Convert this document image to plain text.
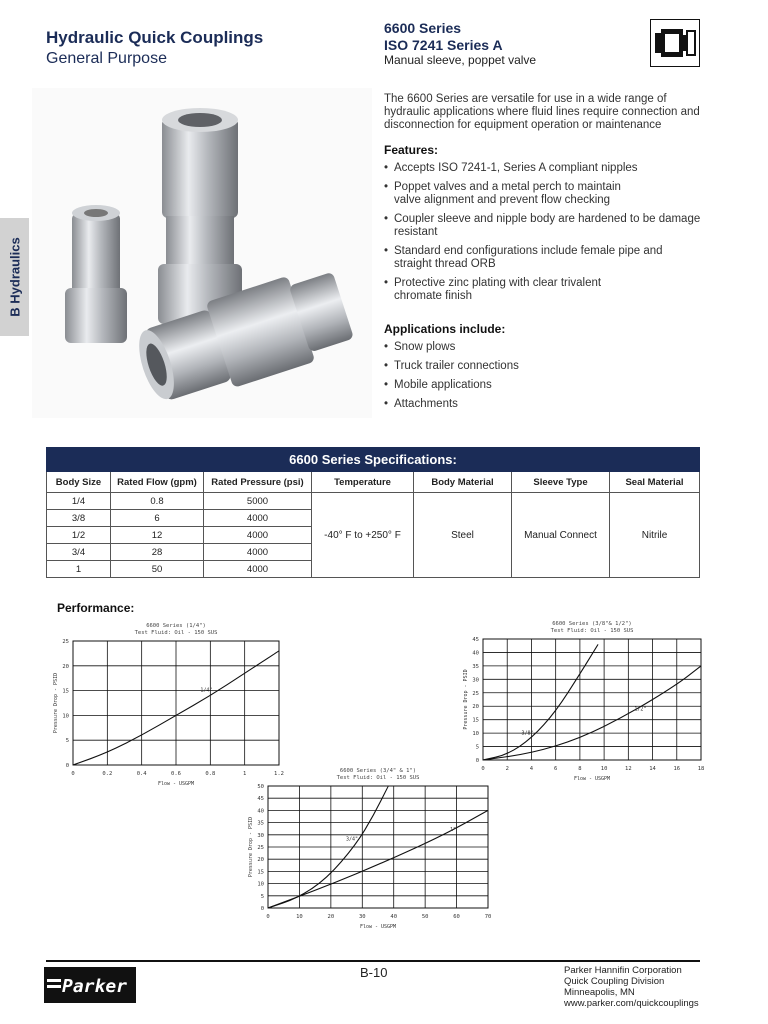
Hydraulic Quick Couplings
General Purpose
6600 Series
ISO 7241 Series A
Manual sleeve, poppet valve
B Hydraulics
The 6600 Series are versatile for use in a wide range of hydraulic applications where fluid lines require connection and disconnection for equipment operation or maintenance
Features:
• Accepts ISO 7241-1, Series A compliant nipples
• Poppet valves and a metal perch to maintain valve alignment and prevent flow checking
• Coupler sleeve and nipple body are hardened to be damage resistant
• Standard end configurations include female pipe and straight thread ORB
• Protective zinc plating with clear trivalent chromate finish
Applications include:
• Snow plows
• Truck trailer connections
• Mobile applications
• Attachments
6600 Series Specifications:						
Body Size	Rated Flow (gpm)	Rated Pressure (psi)	Temperature	Body Material	Sleeve Type	Seal Material
1/4	0.8	5000	-40° F to +250° F	Steel	Manual Connect	Nitrile
3/8	6	4000				
1/2	12	4000				
3/4	28	4000				
1	50	4000				
Performance:
6600 Series (1/4")
Test Fluid: Oil - 150 SUS
0	0.2	0.4	0.6	0.8	1	1.2
0
5
10
15
20
25
Flow - USGPM
Pressure Drop - PSID	1/4"
6600 Series (3/8"& 1/2")
Test Fluid: Oil - 150 SUS
0	2	4	6	8	10	12	14	16	18
0
5
10
15
20
25
30
35
40
45
Flow - USGPM
Pressure Drop - PSID
3/8"
1/2"
6600 Series (3/4" & 1")
Test Fluid: Oil - 150 SUS
0	10	20	30	40	50	60	70
0
5
10
15
20
25
30
35
40
45
50
Flow - USGPM
Pressure Drop - PSID	3/4"
1"
Parker
B-10	Parker Hannifin Corporation
Quick Coupling Division
Minneapolis, MN
www.parker.com/quickcouplings
